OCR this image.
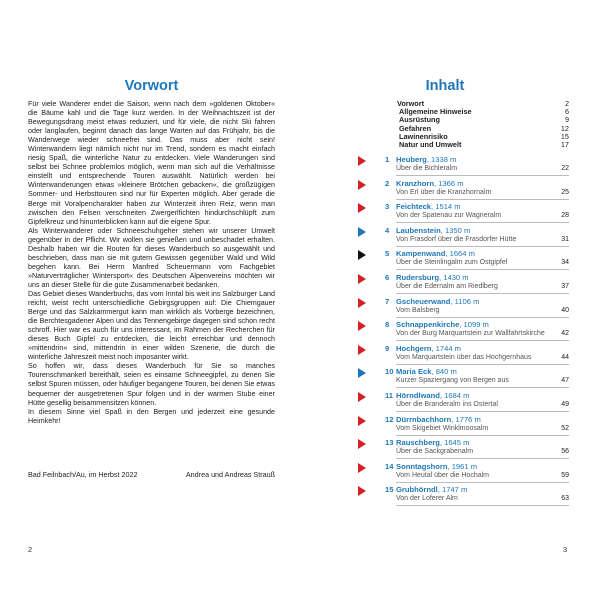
Vorwort

Für viele Wanderer endet die Saison, wenn nach dem »goldenen Oktober« die Bäume kahl und die Tage kurz werden. In der Weihnachtszeit ist der Bewegungsdrang meist etwas reduziert, und für viele, die nicht Ski fahren oder langlaufen, beginnt danach das lange Warten auf das Frühjahr, bis die Wanderwege wieder schneefrei sind. Das muss aber nicht sein! Winterwandern liegt nämlich nicht nur im Trend, sondern es macht einfach riesig Spaß, die winterliche Natur zu entdecken. Viele Wanderungen sind selbst bei Schnee problemlos möglich, wenn man sich auf die Verhältnisse einstellt und entsprechende Touren auswählt. Natürlich werden bei Winterwanderungen etwas »kleinere Brötchen gebacken«, die großzügigen Sommer- und Herbsttouren sind nur für Experten möglich. Aber gerade die Berge mit Voralpencharakter haben zur Winterzeit ihren Reiz, wenn man zwischen den Felsen verschneiten Zwergerlfichten hindurchschlüpft zum Gipfelkreuz und hinunterblicken kann auf die eigene Spur.

Als Winterwanderer oder Schneeschuhgeher stehen wir unserer Umwelt gegenüber in der Pflicht. Wir wollen sie genießen und unbeschadet erhalten. Deshalb haben wir die Routen für dieses Wanderbuch so ausgewählt und beschrieben, dass man sie mit gutem Gewissen gegenüber Wald und Wild begehen kann. Bei Herrn Manfred Scheuermann vom Fachgebiet »Naturverträglicher Wintersport« des Deutschen Alpenvereins möchten wir uns an dieser Stelle für die gute Zusammenarbeit bedanken.

Das Gebiet dieses Wanderbuchs, das vom Inntal bis weit ins Salzburger Land reicht, weist recht unterschiedliche Gebirgsgruppen auf: Die Chiemgauer Berge und das Salzkammergut kann man wirklich als Vorberge bezeichnen, die Berchtesgadener Alpen und das Tennengebirge dagegen sind schon recht schroff. Hier war es auch für uns interessant, im Rahmen der Recherchen für dieses Buch Gipfel zu entdecken, die leicht erreichbar und dennoch »mittendrin« sind, mittendrin in einer wilden Szenerie, die durch die winterliche Jahreszeit meist noch imposanter wirkt.

So hoffen wir, dass dieses Wanderbuch für Sie so manches Tourenschmankerl bereithält, seien es einsame Schneegipfel, zu denen Sie selbst Spuren müssen, oder häufiger begangene Touren, bei denen Sie etwas bequemer der ausgetretenen Spur folgen und in der warmen Stube einer Hütte gesellig beisammensitzen können.

In diesem Sinne viel Spaß in den Bergen und jederzeit eine gesunde Heimkehr!

Bad Feilnbach/Au, im Herbst 2022	Andrea und Andreas Strauß
2
Inhalt
Vorwort	2
Allgemeine Hinweise	6
Ausrüstung	9
Gefahren	12
Lawinenrisiko	15
Natur und Umwelt	17
1 Heuberg, 1338 m
Über die Bichleralm	22
2 Kranzhorn, 1366 m
Von Erl über die Kranzhornalm	25
3 Feichteck, 1514 m
Von der Spatenau zur Wagneralm	28
4 Laubenstein, 1350 m
Von Frasdorf über die Frasdorfer Hütte	31
5 Kampenwand, 1664 m
Über die Steinlingalm zum Ostgipfel	34
6 Rudersburg, 1430 m
Über die Edernalm am Riedlberg	37
7 Gscheuerwand, 1106 m
Vom Balsberg	40
8 Schnappenkirche, 1099 m
Von der Burg Marquartstein zur Wallfahrtskirche 42
9 Hochgern, 1744 m
Vom Marquartstein über das Hochgernhaus	44
10 Maria Eck, 840 m
Kurzer Spaziergang von Bergen aus	47
11 Hörndlwand, 1684 m
Über die Branderalm ins Ostertal	49
12 Dürrnbachhorn, 1776 m
Vom Skigebiet Winklmoosalm	52
13 Rauschberg, 1645 m
Über die Sackgrabenalm	56
14 Sonntagshorn, 1961 m
Vom Heutal über die Hochalm	59
15 Grubhörndl, 1747 m
Von der Loferer Alm	63
3
